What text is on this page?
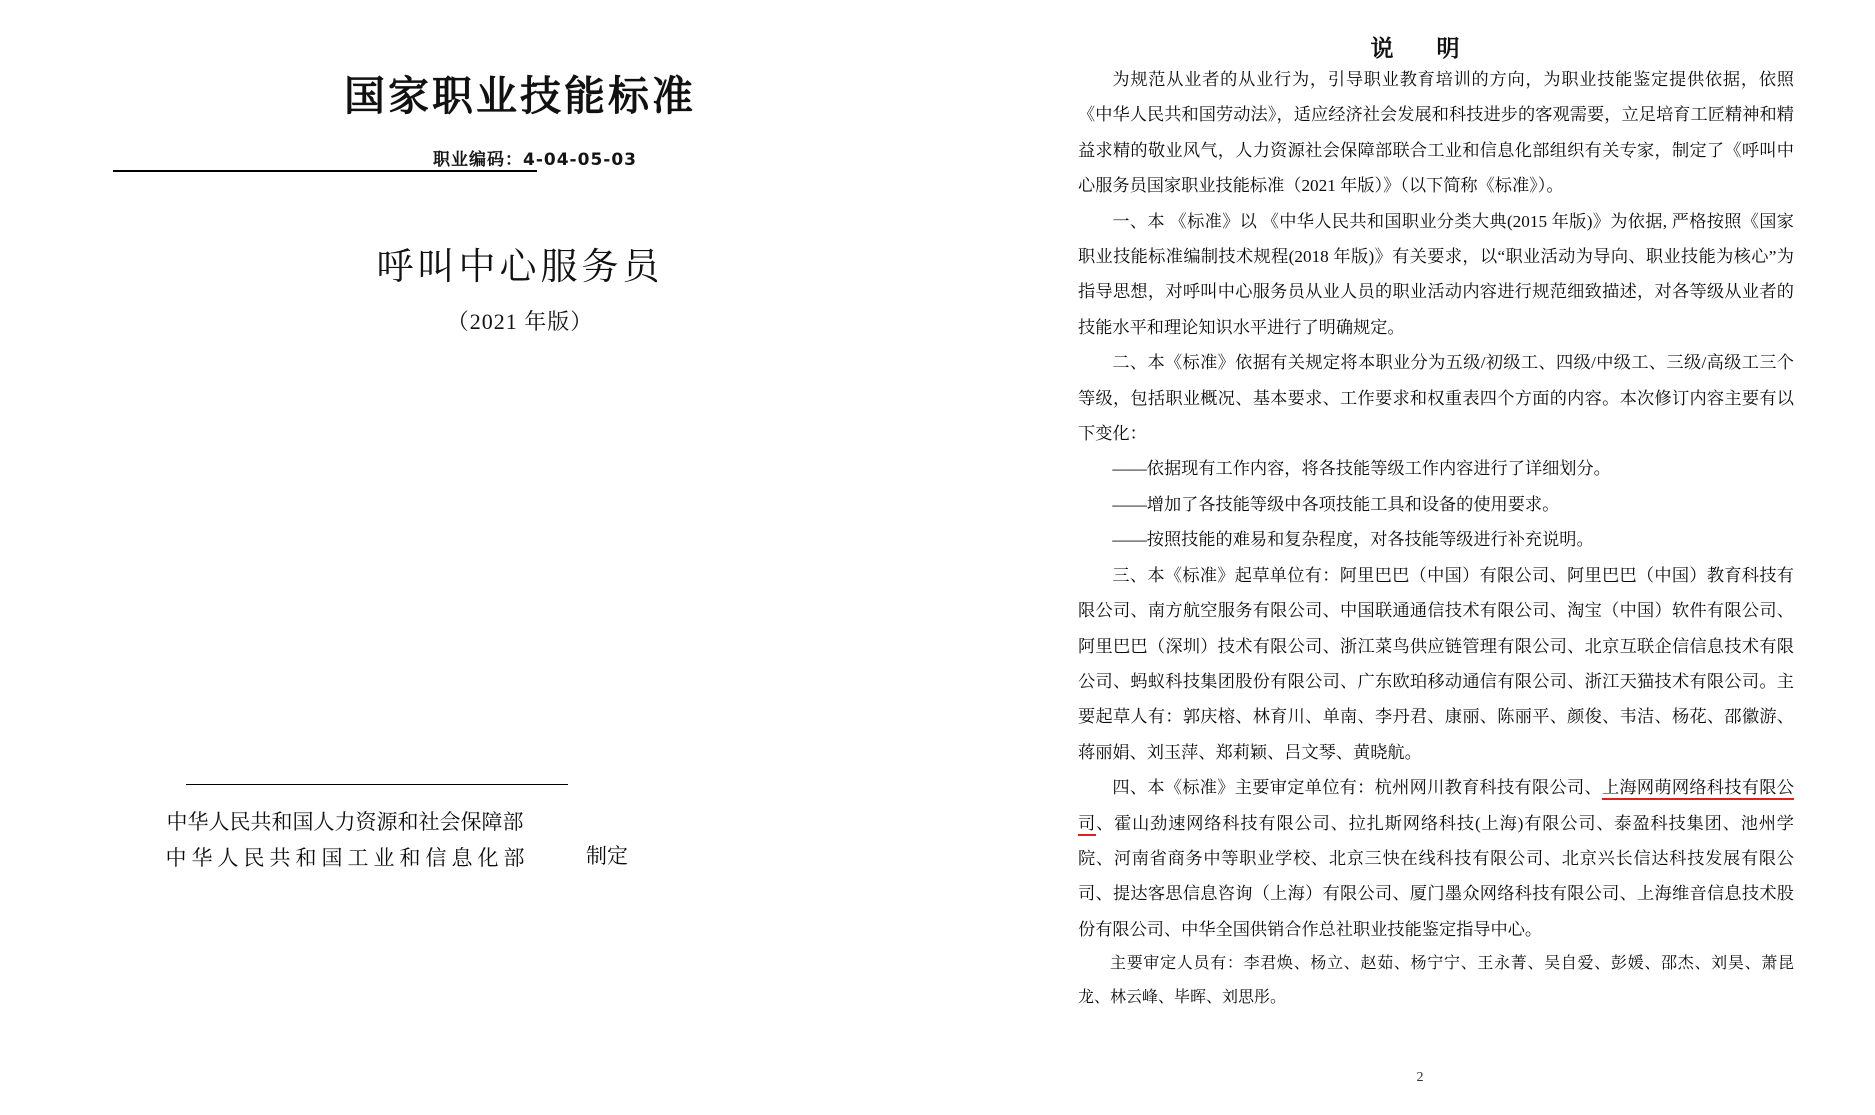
国家职业技能标准
职业编码：4-04-05-03
呼叫中心服务员
（2021 年版）
中华人民共和国人力资源和社会保障部
中华人民共和国工业和信息化部	制定
说　明

为规范从业者的从业行为，引导职业教育培训的方向，为职业技能鉴定提供依据，依照《中华人民共和国劳动法》，适应经济社会发展和科技进步的客观需要，立足培育工匠精神和精益求精的敬业风气，人力资源社会保障部联合工业和信息化部组织有关专家，制定了《呼叫中心服务员国家职业技能标准（2021 年版）》（以下简称《标准》）。

一、本 《标准》以 《中华人民共和国职业分类大典(2015 年版)》为依据, 严格按照《国家职业技能标准编制技术规程(2018 年版)》有关要求，以“职业活动为导向、职业技能为核心”为指导思想，对呼叫中心服务员从业人员的职业活动内容进行规范细致描述，对各等级从业者的技能水平和理论知识水平进行了明确规定。

二、本《标准》依据有关规定将本职业分为五级/初级工、四级/中级工、三级/高级工三个等级，包括职业概况、基本要求、工作要求和权重表四个方面的内容。本次修订内容主要有以下变化：

——依据现有工作内容，将各技能等级工作内容进行了详细划分。

——增加了各技能等级中各项技能工具和设备的使用要求。

——按照技能的难易和复杂程度，对各技能等级进行补充说明。

三、本《标准》起草单位有：阿里巴巴（中国）有限公司、阿里巴巴（中国）教育科技有限公司、南方航空服务有限公司、中国联通通信技术有限公司、淘宝（中国）软件有限公司、阿里巴巴（深圳）技术有限公司、浙江菜鸟供应链管理有限公司、北京互联企信信息技术有限公司、蚂蚁科技集团股份有限公司、广东欧珀移动通信有限公司、浙江天猫技术有限公司。主要起草人有：郭庆榕、林育川、单南、李丹君、康丽、陈丽平、颜俊、韦洁、杨花、邵徽游、蒋丽娟、刘玉萍、郑莉颖、吕文琴、黄晓航。

四、本《标准》主要审定单位有：杭州网川教育科技有限公司、上海网萌网络科技有限公司、霍山劲速网络科技有限公司、拉扎斯网络科技(上海)有限公司、泰盈科技集团、池州学院、河南省商务中等职业学校、北京三快在线科技有限公司、北京兴长信达科技发展有限公司、提达客思信息咨询（上海）有限公司、厦门墨众网络科技有限公司、上海维音信息技术股份有限公司、中华全国供销合作总社职业技能鉴定指导中心。

主要审定人员有：李君焕、杨立、赵茹、杨宁宁、王永菁、吴自爱、彭媛、邵杰、刘昊、萧昆龙、林云峰、毕晖、刘思彤。

2
